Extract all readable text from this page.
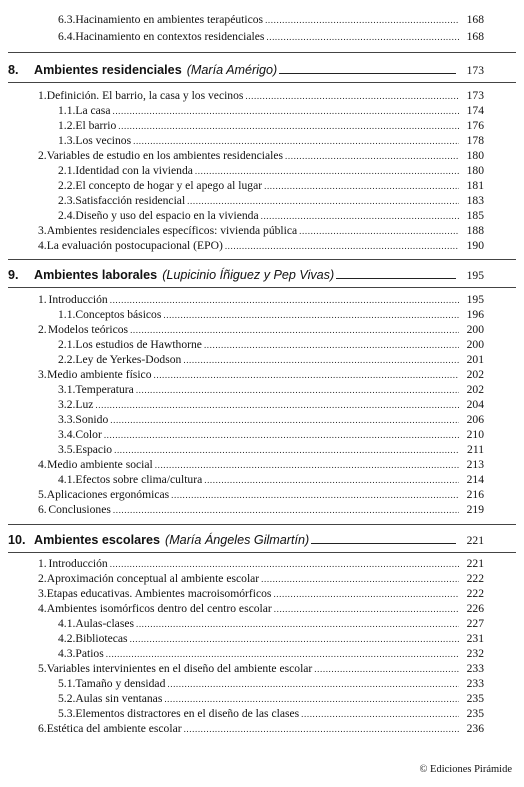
6.3. Hacinamiento en ambientes terapéuticos .....	168
6.4. Hacinamiento en contextos residenciales .....	168
8.	Ambientes residenciales (María Amérigo)	173
1. Definición. El barrio, la casa y los vecinos .....	173
1.1. La casa .....	174
1.2. El barrio .....	176
1.3. Los vecinos .....	178
2. Variables de estudio en los ambientes residenciales .....	180
2.1. Identidad con la vivienda .....	180
2.2. El concepto de hogar y el apego al lugar .....	181
2.3. Satisfacción residencial .....	183
2.4. Diseño y uso del espacio en la vivienda .....	185
3. Ambientes residenciales específicos: vivienda pública .....	188
4. La evaluación postocupacional (EPO) .....	190
9.	Ambientes laborales (Lupicinio Íñiguez y Pep Vivas)	195
1. Introducción .....	195
1.1. Conceptos básicos .....	196
2. Modelos teóricos .....	200
2.1. Los estudios de Hawthorne .....	200
2.2. Ley de Yerkes-Dodson .....	201
3. Medio ambiente físico .....	202
3.1. Temperatura .....	202
3.2. Luz .....	204
3.3. Sonido .....	206
3.4. Color .....	210
3.5. Espacio .....	211
4. Medio ambiente social .....	213
4.1. Efectos sobre clima/cultura .....	214
5. Aplicaciones ergonómicas .....	216
6. Conclusiones .....	219
10. Ambientes escolares (María Ángeles Gilmartín)	221
1. Introducción .....	221
2. Aproximación conceptual al ambiente escolar .....	222
3. Etapas educativas. Ambientes macroisomórficos .....	222
4. Ambientes isomórficos dentro del centro escolar .....	226
4.1. Aulas-clases .....	227
4.2. Bibliotecas .....	231
4.3. Patios .....	232
5. Variables intervinientes en el diseño del ambiente escolar .....	233
5.1. Tamaño y densidad .....	233
5.2. Aulas sin ventanas .....	235
5.3. Elementos distractores en el diseño de las clases .....	235
6. Estética del ambiente escolar .....	236
© Ediciones Pirámide
